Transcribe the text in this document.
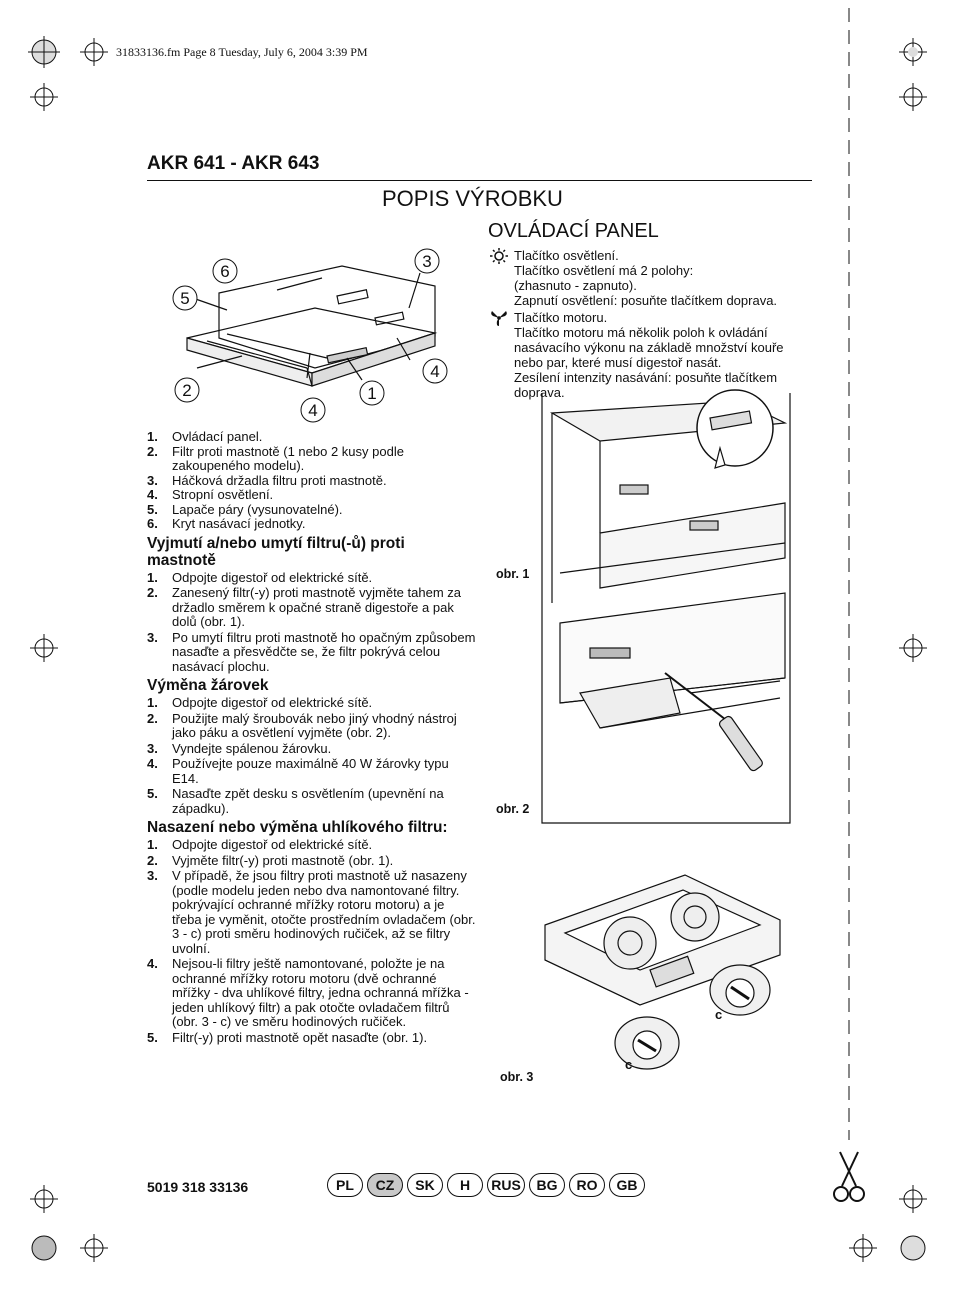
31833136.fm Page 8 Tuesday, July 6, 2004 3:39 PM
AKR 641 - AKR 643
POPIS VÝROBKU
5
6
3
2
4
1
4
OVLÁDACÍ PANEL
Tlačítko osvětlení.
Tlačítko osvětlení má 2 polohy:
(zhasnuto - zapnuto).
Zapnutí osvětlení: posuňte tlačítkem doprava.
Tlačítko motoru.
Tlačítko motoru má několik poloh k ovládání
nasávacího výkonu na základě množství kouře
nebo par, které musí digestoř nasát.
Zesílení intenzity nasávání: posuňte tlačítkem
doprava.
1.	Ovládací panel.
2.	Filtr proti mastnotě (1 nebo 2 kusy podle zakoupeného modelu).
3.	Háčková držadla filtru proti mastnotě.
4.	Stropní osvětlení.
5.	Lapače páry (vysunovatelné).
6.	Kryt nasávací jednotky.
Vyjmutí a/nebo umytí filtru(-ů) proti mastnotě
1.	Odpojte digestoř od elektrické sítě.
2.	Zanesený filtr(-y) proti mastnotě vyjměte tahem za držadlo směrem k opačné straně digestoře a pak dolů (obr. 1).
3.	Po umytí filtru proti mastnotě ho opačným způsobem nasaďte a přesvědčte se, že filtr pokrývá celou nasávací plochu.
Výměna žárovek
1.	Odpojte digestoř od elektrické sítě.
2.	Použijte malý šroubovák nebo jiný vhodný nástroj jako páku a osvětlení vyjměte (obr. 2).
3.	Vyndejte spálenou žárovku.
4.	Používejte pouze maximálně 40 W žárovky typu E14.
5.	Nasaďte zpět desku s osvětlením (upevnění na západku).
Nasazení nebo výměna uhlíkového filtru:
1.	Odpojte digestoř od elektrické sítě.
2.	Vyjměte filtr(-y) proti mastnotě (obr. 1).
3.	V případě, že jsou filtry proti mastnotě už nasazeny (podle modelu jeden nebo dva namontované filtry. pokrývající ochranné mřížky rotoru motoru) a je třeba je vyměnit, otočte prostředním ovladačem (obr. 3 - c) proti směru hodinových ručiček, až se filtry uvolní.
4.	Nejsou-li filtry ještě namontované, položte je na ochranné mřížky rotoru motoru (dvě ochranné mřížky - dva uhlíkové filtry, jedna ochranná mřížka - jeden uhlíkový filtr) a pak otočte ovladačem filtrů (obr. 3 - c) ve směru hodinových ručiček.
5.	Filtr(-y) proti mastnotě opět nasaďte (obr. 1).
obr. 1
obr. 2
c
c
obr. 3
5019 318 33136	PL	CZ	SK	H	RUS	BG	RO	GB
